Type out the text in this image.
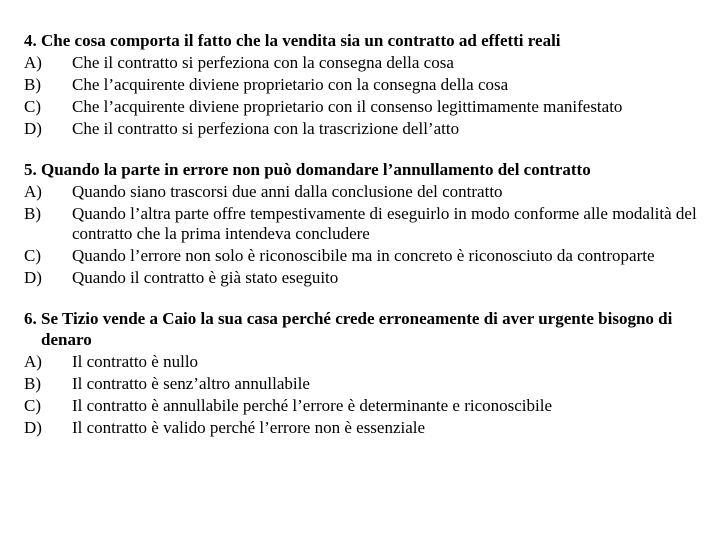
4.
Che cosa comporta il fatto che la vendita sia un contratto ad effetti reali
A)	Che il contratto si perfeziona con la consegna della cosa
B)	Che l’acquirente diviene proprietario con la consegna della cosa
C)	Che l’acquirente diviene proprietario con il consenso legittimamente manifestato
D)	Che il contratto si perfeziona con la trascrizione dell’atto
5.
Quando la parte in errore non può domandare l’annullamento del contratto
A)	Quando siano trascorsi due anni dalla conclusione del contratto
B)	Quando l’altra parte offre tempestivamente di eseguirlo in modo conforme alle modalità del contratto che la prima intendeva concludere
C)	Quando l’errore non solo è riconoscibile ma in concreto è riconosciuto da controparte
D)	Quando il contratto è già stato eseguito
6.
Se Tizio vende a Caio la sua casa perché crede erroneamente di aver urgente bisogno di denaro
A)	Il contratto è nullo
B)	Il contratto è senz’altro annullabile
C)	Il contratto è annullabile perché l’errore è determinante e riconoscibile
D)	Il contratto è valido perché l’errore non è essenziale
